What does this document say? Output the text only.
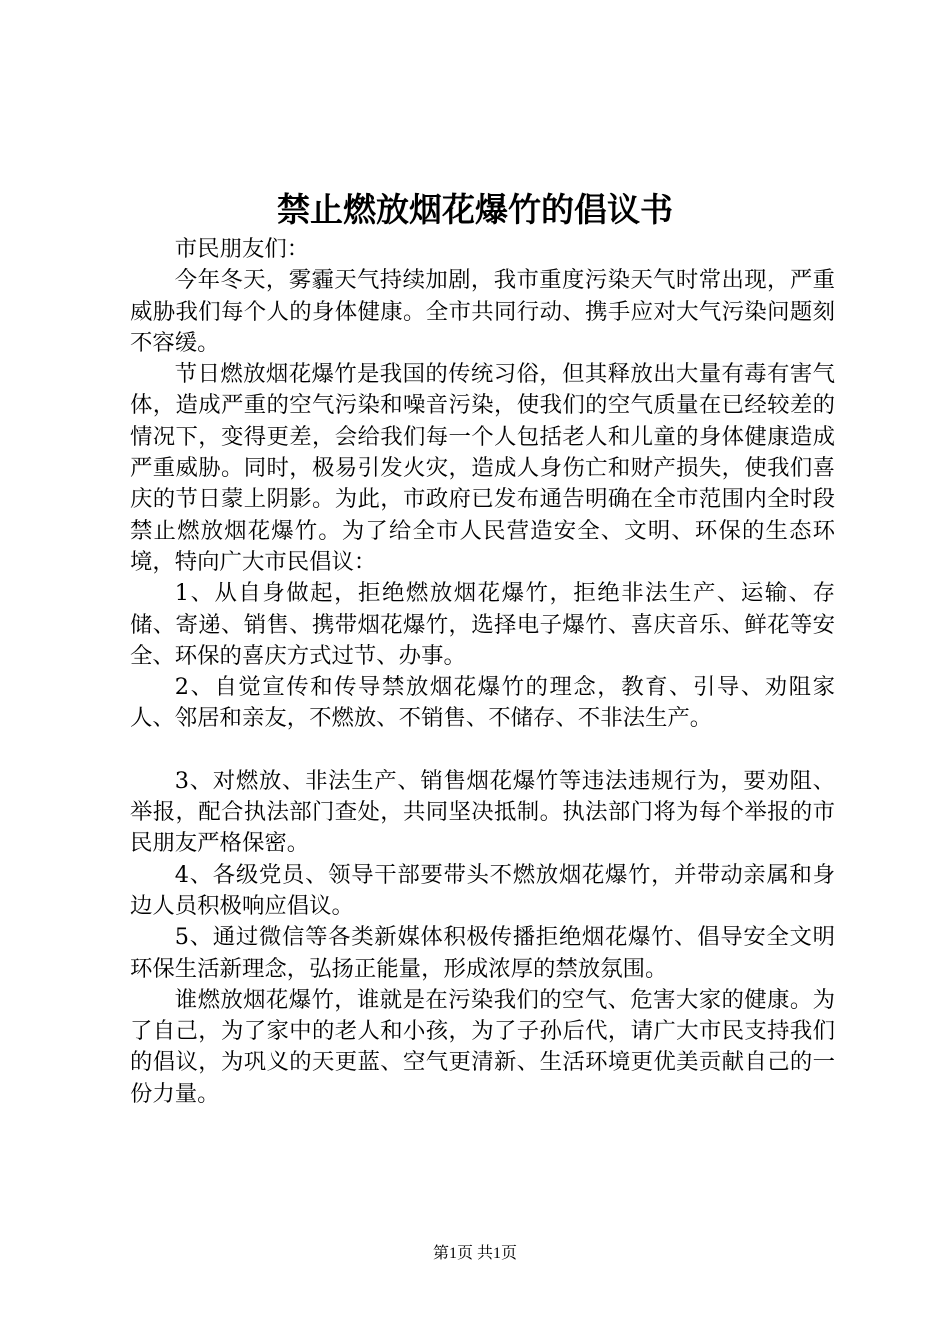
禁止燃放烟花爆竹的倡议书

市民朋友们：

今年冬天，雾霾天气持续加剧，我市重度污染天气时常出现，严重威胁我们每个人的身体健康。全市共同行动、携手应对大气污染问题刻不容缓。

节日燃放烟花爆竹是我国的传统习俗，但其释放出大量有毒有害气体，造成严重的空气污染和噪音污染，使我们的空气质量在已经较差的情况下，变得更差，会给我们每一个人包括老人和儿童的身体健康造成严重威胁。同时，极易引发火灾，造成人身伤亡和财产损失，使我们喜庆的节日蒙上阴影。为此，市政府已发布通告明确在全市范围内全时段禁止燃放烟花爆竹。为了给全市人民营造安全、文明、环保的生态环境，特向广大市民倡议：

1、从自身做起，拒绝燃放烟花爆竹，拒绝非法生产、运输、存储、寄递、销售、携带烟花爆竹，选择电子爆竹、喜庆音乐、鲜花等安全、环保的喜庆方式过节、办事。

2、自觉宣传和传导禁放烟花爆竹的理念，教育、引导、劝阻家人、邻居和亲友，不燃放、不销售、不储存、不非法生产。

3、对燃放、非法生产、销售烟花爆竹等违法违规行为，要劝阻、举报，配合执法部门查处，共同坚决抵制。执法部门将为每个举报的市民朋友严格保密。

4、各级党员、领导干部要带头不燃放烟花爆竹，并带动亲属和身边人员积极响应倡议。

5、通过微信等各类新媒体积极传播拒绝烟花爆竹、倡导安全文明环保生活新理念，弘扬正能量，形成浓厚的禁放氛围。

谁燃放烟花爆竹，谁就是在污染我们的空气、危害大家的健康。为了自己，为了家中的老人和小孩，为了子孙后代，请广大市民支持我们的倡议，为巩义的天更蓝、空气更清新、生活环境更优美贡献自己的一份力量。

第1页 共1页
